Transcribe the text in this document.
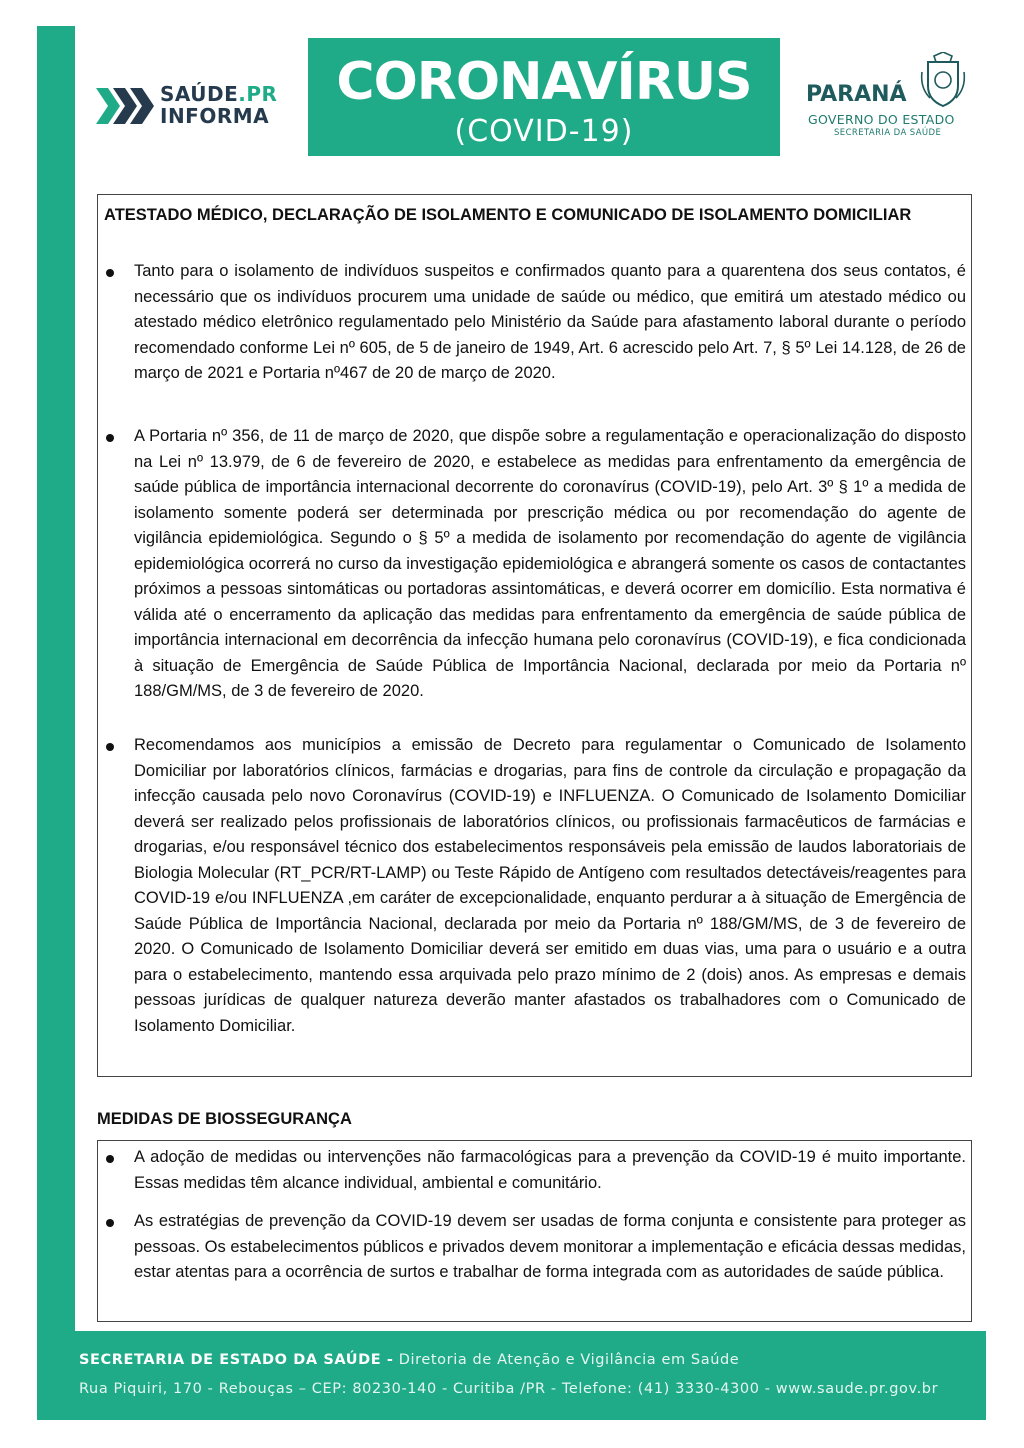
SAÚDE.PR
INFORMA
CORONAVÍRUS
(COVID-19)
PARANÁ
GOVERNO DO ESTADO
SECRETARIA DA SAÚDE
ATESTADO MÉDICO, DECLARAÇÃO DE ISOLAMENTO E COMUNICADO DE ISOLAMENTO DOMICILIAR
Tanto para o isolamento de indivíduos suspeitos e confirmados quanto para a quarentena dos seus contatos, é necessário que os indivíduos procurem uma unidade de saúde ou médico, que emitirá um atestado médico ou atestado médico eletrônico regulamentado pelo Ministério da Saúde para afastamento laboral durante o período recomendado conforme Lei nº 605, de 5 de janeiro de 1949, Art. 6 acrescido pelo Art. 7, § 5º Lei 14.128, de 26 de março de 2021 e Portaria nº467 de 20 de março de 2020.
A Portaria nº 356, de 11 de março de 2020, que dispõe sobre a regulamentação e operacionalização do disposto na Lei nº 13.979, de 6 de fevereiro de 2020, e estabelece as medidas para enfrentamento da emergência de saúde pública de importância internacional decorrente do coronavírus (COVID-19), pelo Art. 3º § 1º a medida de isolamento somente poderá ser determinada por prescrição médica ou por recomendação do agente de vigilância epidemiológica. Segundo o § 5º a medida de isolamento por recomendação do agente de vigilância epidemiológica ocorrerá no curso da investigação epidemiológica e abrangerá somente os casos de contactantes próximos a pessoas sintomáticas ou portadoras assintomáticas, e deverá ocorrer em domicílio. Esta normativa é válida até o encerramento da aplicação das medidas para enfrentamento da emergência de saúde pública de importância internacional em decorrência da infecção humana pelo coronavírus (COVID-19), e fica condicionada à situação de Emergência de Saúde Pública de Importância Nacional, declarada por meio da Portaria nº 188/GM/MS, de 3 de fevereiro de 2020.
Recomendamos aos municípios a emissão de Decreto para regulamentar o Comunicado de Isolamento Domiciliar por laboratórios clínicos, farmácias e drogarias, para fins de controle da circulação e propagação da infecção causada pelo novo Coronavírus (COVID-19) e INFLUENZA. O Comunicado de Isolamento Domiciliar deverá ser realizado pelos profissionais de laboratórios clínicos, ou profissionais farmacêuticos de farmácias e drogarias, e/ou responsável técnico dos estabelecimentos responsáveis pela emissão de laudos laboratoriais de Biologia Molecular (RT_PCR/RT-LAMP) ou Teste Rápido de Antígeno com resultados detectáveis/reagentes para COVID-19 e/ou INFLUENZA ,em caráter de excepcionalidade, enquanto perdurar a à situação de Emergência de Saúde Pública de Importância Nacional, declarada por meio da Portaria nº 188/GM/MS, de 3 de fevereiro de 2020. O Comunicado de Isolamento Domiciliar deverá ser emitido em duas vias, uma para o usuário e a outra para o estabelecimento, mantendo essa arquivada pelo prazo mínimo de 2 (dois) anos. As empresas e demais pessoas jurídicas de qualquer natureza deverão manter afastados os trabalhadores com o Comunicado de Isolamento Domiciliar.
MEDIDAS DE BIOSSEGURANÇA
A adoção de medidas ou intervenções não farmacológicas para a prevenção da COVID-19 é muito importante. Essas medidas têm alcance individual, ambiental e comunitário.
As estratégias de prevenção da COVID-19 devem ser usadas de forma conjunta e consistente para proteger as pessoas. Os estabelecimentos públicos e privados devem monitorar a implementação e eficácia dessas medidas, estar atentas para a ocorrência de surtos e trabalhar de forma integrada com as autoridades de saúde pública.
SECRETARIA DE ESTADO DA SAÚDE - Diretoria de Atenção e Vigilância em Saúde
Rua Piquiri, 170 - Rebouças – CEP: 80230-140 - Curitiba /PR - Telefone: (41) 3330-4300 - www.saude.pr.gov.br
